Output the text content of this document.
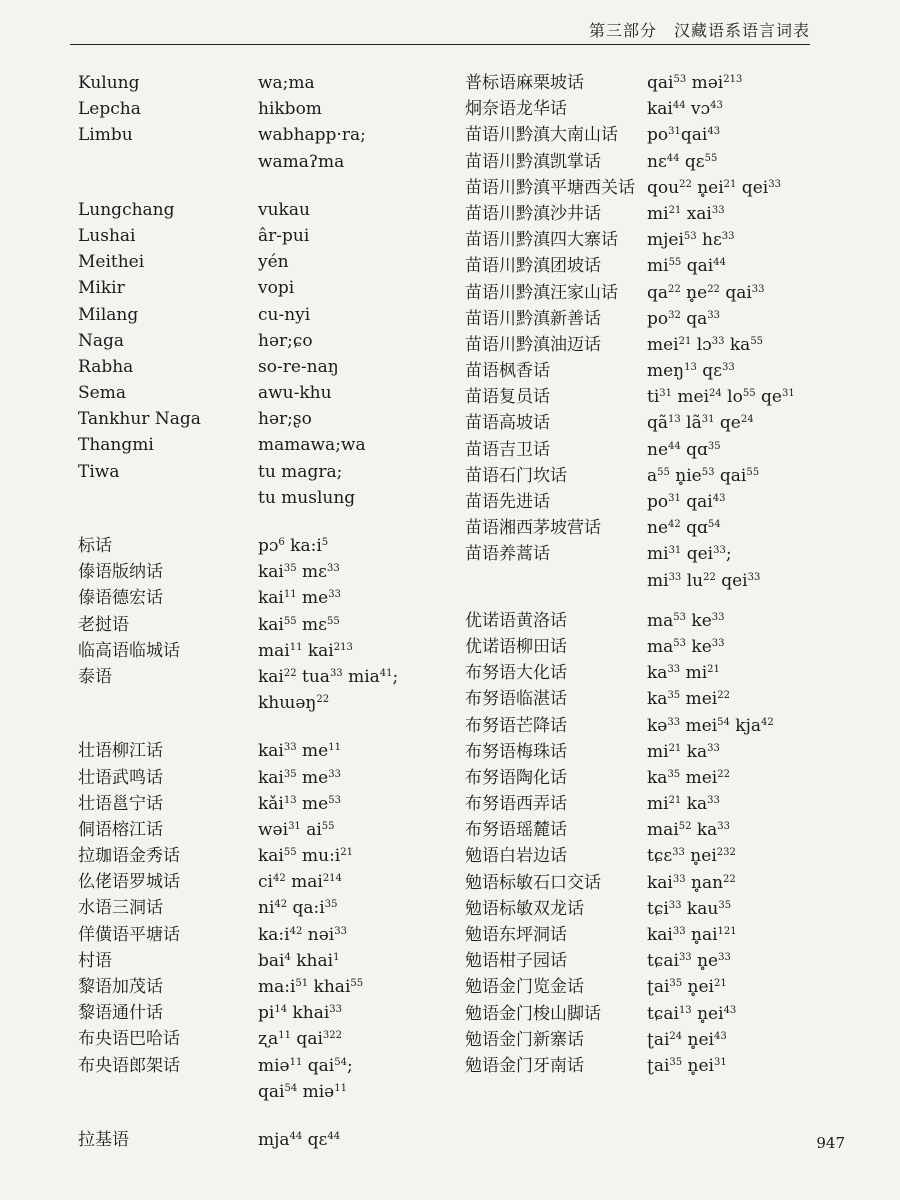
第三部分　汉藏语系语言词表
Kulung	wa;ma
Lepcha	hikbom
Limbu	wabhapp·ra;
wamaʔma
Lungchang	vukau
Lushai	âr-pui
Meithei	yén
Mikir	vopi
Milang	cu-nyi
Naga	hər;ɕo
Rabha	so-re-naŋ
Sema	awu-khu
Tankhur Naga	hər;ʂo
Thangmi	mamawa;wa
Tiwa	tu magra;
tu muslung
标话	pɔ$^6$ $ka:i^5$
傣语版纳话	kai$^{35}$ mɛ$^{33}$
傣语德宏话	kai$^{11}$ $me^{33}$
老挝语	kai$^{55}$ mɛ$^{55}$
临高语临城话	mai$^{11}$ kai$^{213}$
泰语	kai$^{22}$ tua$^{33}$ mia$^{41}$;
khɯəŋ$^{22}$
壮语柳江话	kai$^{33}$ $me^{11}$
壮语武鸣话	kai$^{35}$ $me^{33}$
壮语邕宁话	kǎi$^{13}$ $me^{53}$
侗语榕江话	wəi$^{31}$ $ai^{55}$
拉珈语金秀话	kai$^{55}$ $mu:i^{21}$
仫佬语罗城话	$ci^{42}$ mai$^{214}$
水语三洞话	$ni^{42}$ $qa:i^{35}$
佯僙语平塘话	$ka:i^{42}$ nəi$^{33}$
村语	bai$^4$ khai$^1$
黎语加茂话	$ma:i^{51}$ khai$^{55}$
黎语通什话	$pi^{14}$ khai$^{33}$
布央语巴哈话	ʐa$^{11}$ qai$^{322}$
布央语郎架话	miə$^{11}$ qai$^{54}$;
qai$^{54}$ miə$^{11}$
拉基语	mja$^{44}$ qɛ$^{44}$
普标语麻栗坡话	qai$^{53}$ məi$^{213}$
炯奈语龙华话	kai$^{44}$ vɔ$^{43}$
苗语川黔滇大南山话 $po^{31}qai^{43}$
苗语川黔滇凯掌话	nɛ$^{44}$ qɛ$^{55}$
苗语川黔滇平塘西关话 qou$^{22}$ $n̥ei^{21}$ qei$^{33}$
苗语川黔滇沙井话	$mi^{21}$ xai$^{33}$
苗语川黔滇四大寨话 mjei$^{53}$ hɛ$^{33}$
苗语川黔滇团坡话	$mi^{55}$ qai$^{44}$
苗语川黔滇汪家山话 $qa^{22}$ $n̥e^{22}$ qai$^{33}$
苗语川黔滇新善话	$po^{32}$ $qa^{33}$
苗语川黔滇油迈话	mei$^{21}$ lɔ$^{33}$ $ka^{55}$
苗语枫香话	meŋ$^{13}$ qɛ$^{33}$
苗语复员话	$ti^{31}$ mei$^{24}$ $lo^{55}$ $qe^{31}$
苗语高坡话	$qã^{13}$ $lã^{31}$ $qe^{24}$
苗语吉卫话	$ne^{44}$ qɑ$^{35}$
苗语石门坎话	$a^{55}$ $n̥ie^{53}$ qai$^{55}$
苗语先进话	$po^{31}$ qai$^{43}$
苗语湘西茅坡营话	$ne^{42}$ qɑ$^{54}$
苗语养蒿话	$mi^{31}$ qei$^{33}$;
$mi^{33}$ $lu^{22}$ qei$^{33}$
优诺语黄洛话	$ma^{53}$ $ke^{33}$
优诺语柳田话	$ma^{53}$ $ke^{33}$
布努语大化话	$ka^{33}$ $mi^{21}$
布努语临湛话	$ka^{35}$ mei$^{22}$
布努语芒降话	kə$^{33}$ mei$^{54}$ kja$^{42}$
布努语梅珠话	$mi^{21}$ $ka^{33}$
布努语陶化话	$ka^{35}$ mei$^{22}$
布努语西弄话	$mi^{21}$ $ka^{33}$
布努语瑶麓话	mai$^{52}$ $ka^{33}$
勉语白岩边话	tɕɛ$^{33}$ $n̥ei^{232}$
勉语标敏石口交话	kai$^{33}$ $n̥an^{22}$
勉语标敏双龙话	tɕi$^{33}$ kau$^{35}$
勉语东坪洞话	kai$^{33}$ $n̥ai^{121}$
勉语柑子园话	tɕai$^{33}$ $n̥e^{33}$
勉语金门览金话	ʈai$^{35}$ $n̥ei^{21}$
勉语金门梭山脚话	tɕai$^{13}$ $n̥ei^{43}$
勉语金门新寨话	ʈai$^{24}$ $n̥ei^{43}$
勉语金门牙南话	ʈai$^{35}$ $n̥ei^{31}$
947
